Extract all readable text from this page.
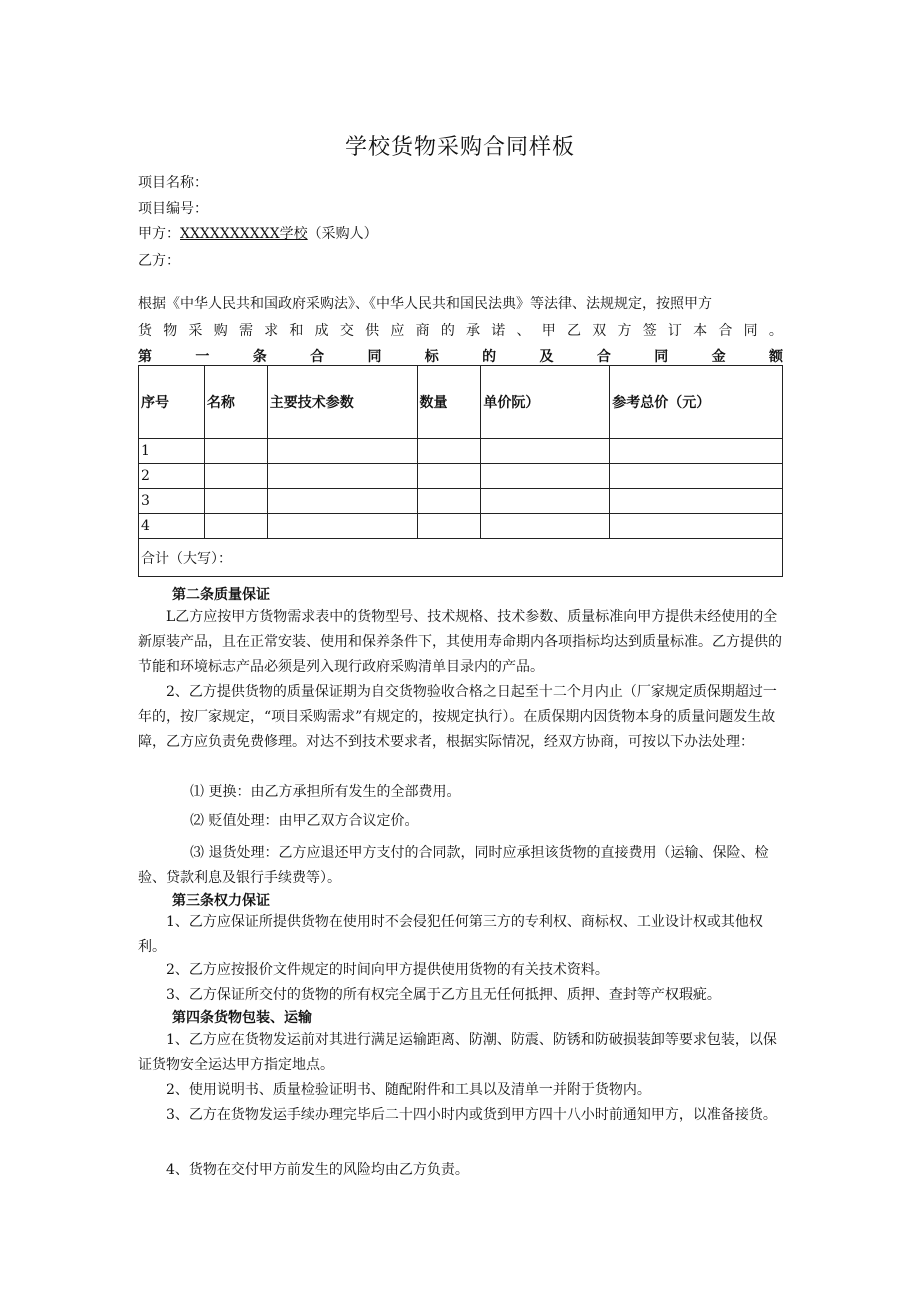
学校货物采购合同样板
项目名称：
项目编号：
甲方：XXXXXXXXXX学校（采购人）
乙方：
根据《中华人民共和国政府采购法》、《中华人民共和国民法典》等法律、法规规定，按照甲方
货 物 采 购 需 求 和 成 交 供 应 商 的 承 诺 、 甲 乙 双 方 签 订 本 合 同 。
第	一	条	合	同	标	的	及	合	同	金	额
序号	名称	主要技术参数	数量	单价阮）	参考总价（元）
1					
2					
3					
4					
合计（大写）：					
第二条质量保证
L乙方应按甲方货物需求表中的货物型号、技术规格、技术参数、质量标准向甲方提供未经使用的全新原装产品，且在正常安装、使用和保养条件下，其使用寿命期内各项指标均达到质量标准。乙方提供的节能和环境标志产品必须是列入现行政府采购清单目录内的产品。
2、乙方提供货物的质量保证期为自交货物验收合格之日起至十二个月内止（厂家规定质保期超过一年的，按厂家规定，“项目采购需求”有规定的，按规定执行）。在质保期内因货物本身的质量问题发生故障，乙方应负责免费修理。对达不到技术要求者，根据实际情况，经双方协商，可按以下办法处理：
⑴ 更换：由乙方承担所有发生的全部费用。
⑵ 贬值处理：由甲乙双方合议定价。
⑶ 退货处理：乙方应退还甲方支付的合同款，同时应承担该货物的直接费用（运输、保险、检验、贷款利息及银行手续费等）。
第三条权力保证
1、乙方应保证所提供货物在使用时不会侵犯任何第三方的专利权、商标权、工业设计权或其他权利。
2、乙方应按报价文件规定的时间向甲方提供使用货物的有关技术资料。
3、乙方保证所交付的货物的所有权完全属于乙方且无任何抵押、质押、查封等产权瑕疵。
第四条货物包装、运输
1、乙方应在货物发运前对其进行满足运输距离、防潮、防震、防锈和防破损装卸等要求包装，以保证货物安全运达甲方指定地点。
2、使用说明书、质量检验证明书、随配附件和工具以及清单一并附于货物内。
3、乙方在货物发运手续办理完毕后二十四小时内或货到甲方四十八小时前通知甲方，以准备接货。
4、货物在交付甲方前发生的风险均由乙方负责。
